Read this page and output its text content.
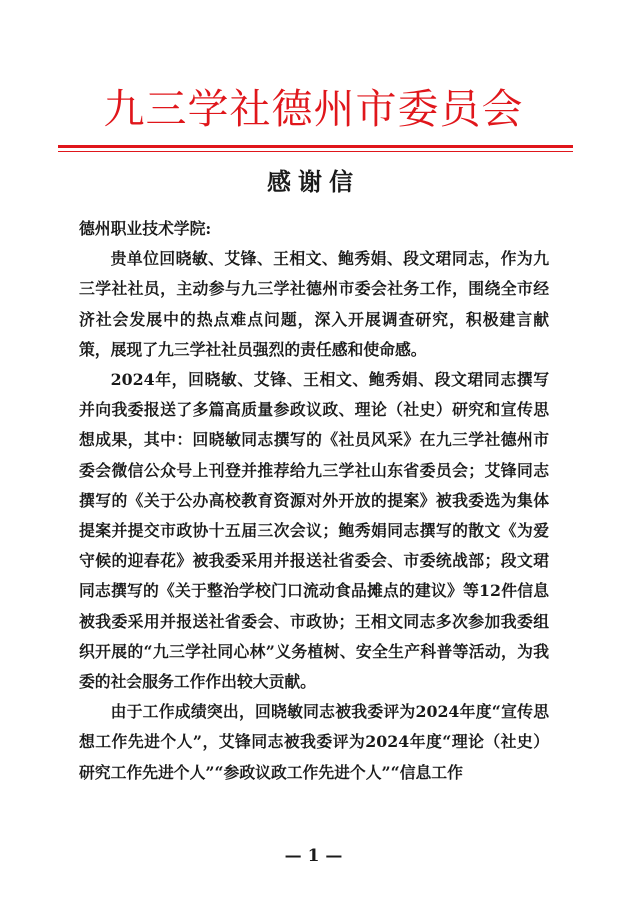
九三学社德州市委员会
感谢信

德州职业技术学院:

贵单位回晓敏、艾锋、王相文、鲍秀娟、段文珺同志，作为九三学社社员，主动参与九三学社德州市委会社务工作，围绕全市经济社会发展中的热点难点问题，深入开展调查研究，积极建言献策，展现了九三学社社员强烈的责任感和使命感。

2024年，回晓敏、艾锋、王相文、鲍秀娟、段文珺同志撰写并向我委报送了多篇高质量参政议政、理论（社史）研究和宣传思想成果，其中：回晓敏同志撰写的《社员风采》在九三学社德州市委会微信公众号上刊登并推荐给九三学社山东省委员会；艾锋同志撰写的《关于公办高校教育资源对外开放的提案》被我委选为集体提案并提交市政协十五届三次会议；鲍秀娟同志撰写的散文《为爱守候的迎春花》被我委采用并报送社省委会、市委统战部；段文珺同志撰写的《关于整治学校门口流动食品摊点的建议》等12件信息被我委采用并报送社省委会、市政协；王相文同志多次参加我委组织开展的“九三学社同心林”义务植树、安全生产科普等活动，为我委的社会服务工作作出较大贡献。

由于工作成绩突出，回晓敏同志被我委评为2024年度“宣传思想工作先进个人”，艾锋同志被我委评为2024年度“理论（社史）研究工作先进个人”“参政议政工作先进个人”“信息工作

— 1 —
